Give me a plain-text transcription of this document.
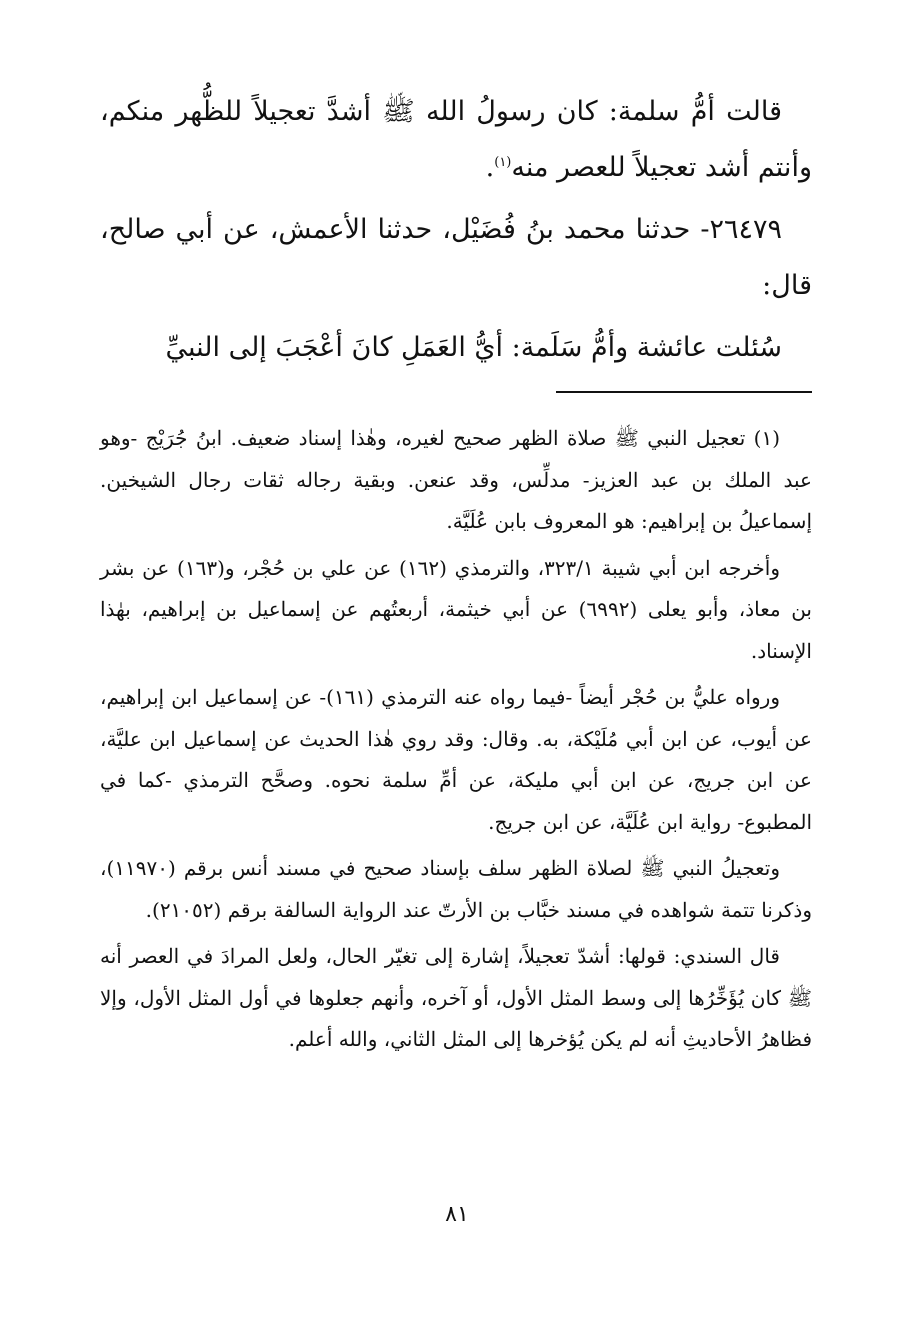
قالت أمُّ سلمة: كان رسولُ الله ﷺ أشدَّ تعجيلاً للظُّهر منكم، وأنتم أشد تعجيلاً للعصر منه$^{(١)}$.

٢٦٤٧٩- حدثنا محمد بنُ فُضَيْل، حدثنا الأعمش، عن أبي صالح، قال:

سُئلت عائشة وأمُّ سَلَمة: أيُّ العَمَلِ كانَ أعْجَبَ إلى النبيِّ

(١) تعجيل النبي ﷺ صلاة الظهر صحيح لغيره، وهٰذا إسناد ضعيف. ابنُ جُرَيْج -وهو عبد الملك بن عبد العزيز- مدلِّس، وقد عنعن. وبقية رجاله ثقات رجال الشيخين. إسماعيلُ بن إبراهيم: هو المعروف بابن عُلَيَّة.

وأخرجه ابن أبي شيبة ٣٢٣/١، والترمذي (١٦٢) عن علي بن حُجْر، و(١٦٣) عن بشر بن معاذ، وأبو يعلى (٦٩٩٢) عن أبي خيثمة، أربعتُهم عن إسماعيل بن إبراهيم، بهٰذا الإسناد.

ورواه عليُّ بن حُجْر أيضاً -فيما رواه عنه الترمذي (١٦١)- عن إسماعيل ابن إبراهيم، عن أيوب، عن ابن أبي مُلَيْكة، به. وقال: وقد روي هٰذا الحديث عن إسماعيل ابن عليَّة، عن ابن جريج، عن ابن أبي مليكة، عن أمِّ سلمة نحوه. وصحَّح الترمذي -كما في المطبوع- رواية ابن عُلَيَّة، عن ابن جريج.

وتعجيلُ النبي ﷺ لصلاة الظهر سلف بإسناد صحيح في مسند أنس برقم (١١٩٧٠)، وذكرنا تتمة شواهده في مسند خبَّاب بن الأرتّ عند الرواية السالفة برقم (٢١٠٥٢).

قال السندي: قولها: أشدّ تعجيلاً، إشارة إلى تغيّر الحال، ولعل المرادَ في العصر أنه ﷺ كان يُؤَخِّرُها إلى وسط المثل الأول، أو آخره، وأنهم جعلوها في أول المثل الأول، وإلا فظاهرُ الأحاديثِ أنه لم يكن يُؤخرها إلى المثل الثاني، والله أعلم.

٨١
